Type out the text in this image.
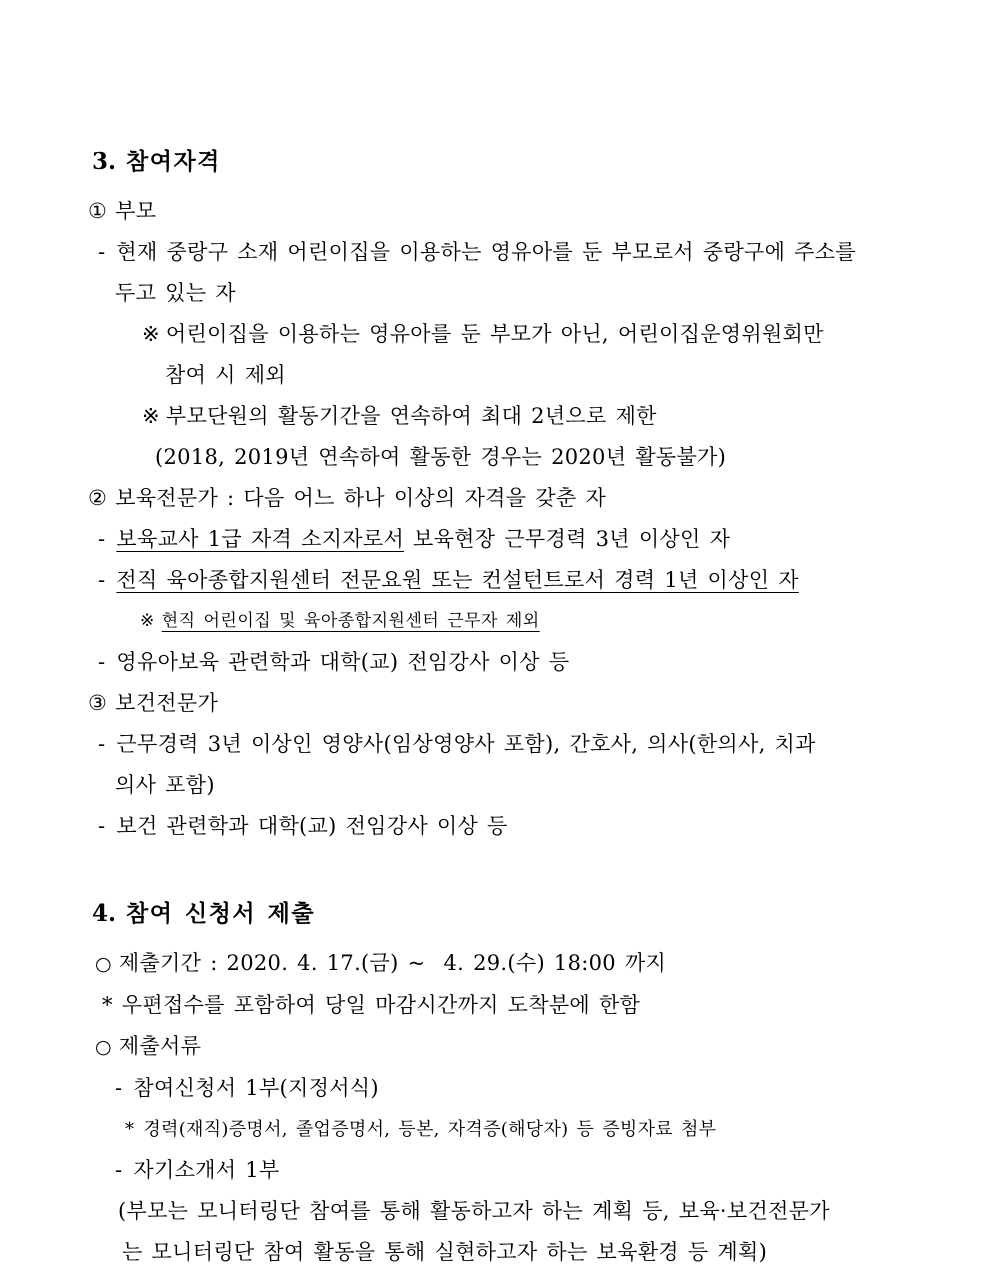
3. 참여자격
① 부모
- 현재 중랑구 소재 어린이집을 이용하는 영유아를 둔 부모로서 중랑구에 주소를
두고 있는 자
※ 어린이집을 이용하는 영유아를 둔 부모가 아닌, 어린이집운영위원회만
참여 시 제외
※ 부모단원의 활동기간을 연속하여 최대 2년으로 제한
(2018, 2019년 연속하여 활동한 경우는 2020년 활동불가)
② 보육전문가 : 다음 어느 하나 이상의 자격을 갖춘 자
- 보육교사 1급 자격 소지자로서 보육현장 근무경력 3년 이상인 자
- 전직 육아종합지원센터 전문요원 또는 컨설턴트로서 경력 1년 이상인 자
※ 현직 어린이집 및 육아종합지원센터 근무자 제외
- 영유아보육 관련학과 대학(교) 전임강사 이상 등
③ 보건전문가
- 근무경력 3년 이상인 영양사(임상영양사 포함), 간호사, 의사(한의사, 치과
의사 포함)
- 보건 관련학과 대학(교) 전임강사 이상 등
4. 참여 신청서 제출
○ 제출기간 : 2020. 4. 17.(금) ~  4. 29.(수) 18:00 까지
* 우편접수를 포함하여 당일 마감시간까지 도착분에 한함
○ 제출서류
- 참여신청서 1부(지정서식)
* 경력(재직)증명서, 졸업증명서, 등본, 자격증(해당자) 등 증빙자료 첨부
- 자기소개서 1부
(부모는 모니터링단 참여를 통해 활동하고자 하는 계획 등, 보육·보건전문가
는 모니터링단 참여 활동을 통해 실현하고자 하는 보육환경 등 계획)
